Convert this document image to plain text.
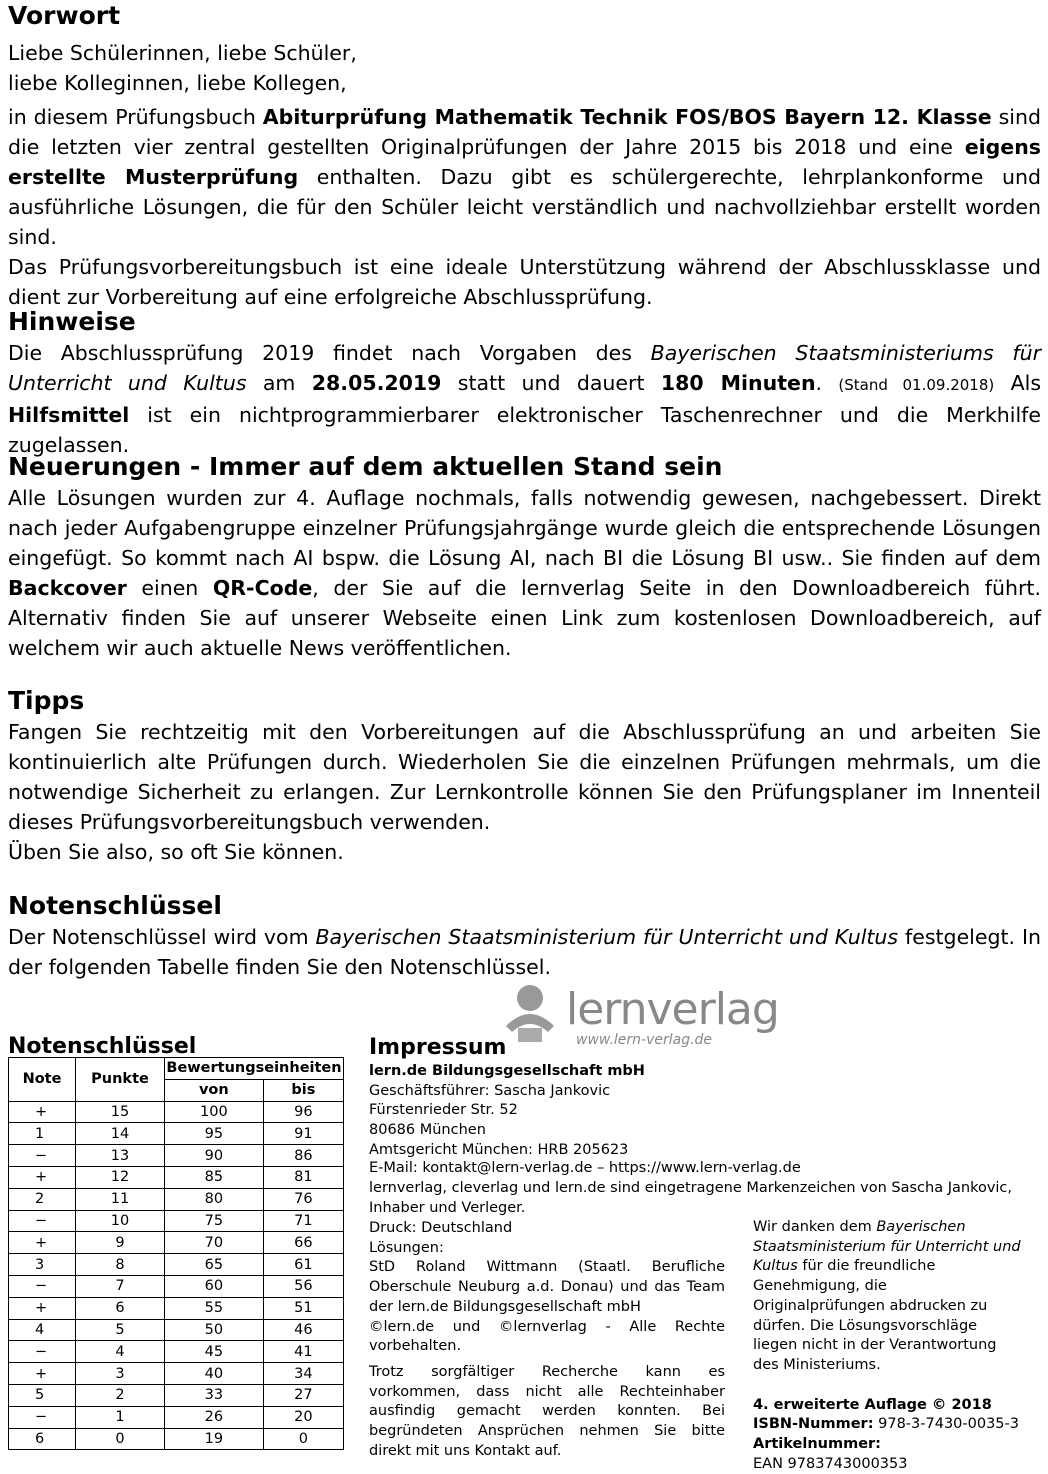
Vorwort

Liebe Schülerinnen, liebe Schüler,

liebe Kolleginnen, liebe Kollegen,

in diesem Prüfungsbuch Abiturprüfung Mathematik Technik FOS/BOS Bayern 12. Klasse sind die letzten vier zentral gestellten Originalprüfungen der Jahre 2015 bis 2018 und eine eigens erstellte Musterprüfung enthalten. Dazu gibt es schülergerechte, lehrplankonforme und ausführliche Lösungen, die für den Schüler leicht verständlich und nachvollziehbar erstellt worden sind.

Das Prüfungsvorbereitungsbuch ist eine ideale Unterstützung während der Abschlussklasse und dient zur Vorbereitung auf eine erfolgreiche Abschlussprüfung.

Hinweise

Die Abschlussprüfung 2019 findet nach Vorgaben des Bayerischen Staatsministeriums für Unterricht und Kultus am 28.05.2019 statt und dauert 180 Minuten. (Stand 01.09.2018) Als Hilfsmittel ist ein nichtprogrammierbarer elektronischer Taschenrechner und die Merkhilfe zugelassen.

Neuerungen - Immer auf dem aktuellen Stand sein

Alle Lösungen wurden zur 4. Auflage nochmals, falls notwendig gewesen, nachgebessert. Direkt nach jeder Aufgabengruppe einzelner Prüfungsjahrgänge wurde gleich die entsprechende Lösungen eingefügt. So kommt nach AI bspw. die Lösung AI, nach BI die Lösung BI usw.. Sie finden auf dem Backcover einen QR-Code, der Sie auf die lernverlag Seite in den Downloadbereich führt. Alternativ finden Sie auf unserer Webseite einen Link zum kostenlosen Downloadbereich, auf welchem wir auch aktuelle News veröffentlichen.

Tipps

Fangen Sie rechtzeitig mit den Vorbereitungen auf die Abschlussprüfung an und arbeiten Sie kontinuierlich alte Prüfungen durch. Wiederholen Sie die einzelnen Prüfungen mehrmals, um die notwendige Sicherheit zu erlangen. Zur Lernkontrolle können Sie den Prüfungsplaner im Innenteil dieses Prüfungsvorbereitungsbuch verwenden.

Üben Sie also, so oft Sie können.

Notenschlüssel

Der Notenschlüssel wird vom Bayerischen Staatsministerium für Unterricht und Kultus festgelegt. In der folgenden Tabelle finden Sie den Notenschlüssel.

lernverlag
www.lern-verlag.de
Notenschlüssel
Note	Punkte	Bewertungseinheiten	
		von	bis
+	15	100	96
1	14	95	91
−	13	90	86
+	12	85	81
2	11	80	76
−	10	75	71
+	9	70	66
3	8	65	61
−	7	60	56
+	6	55	51
4	5	50	46
−	4	45	41
+	3	40	34
5	2	33	27
−	1	26	20
6	0	19	0
Impressum
lern.de Bildungsgesellschaft mbH
Geschäftsführer: Sascha Jankovic
Fürstenrieder Str. 52
80686 München
Amtsgericht München: HRB 205623
E-Mail: kontakt@lern-verlag.de – https://www.lern-verlag.de
lernverlag, cleverlag und lern.de sind eingetragene Markenzeichen von Sascha Jankovic, Inhaber und Verleger.
Druck: Deutschland
Lösungen:
StD Roland Wittmann (Staatl. Berufliche Oberschule Neuburg a.d. Donau) und das Team der lern.de Bildungsgesellschaft mbH
©lern.de und ©lernverlag - Alle Rechte vorbehalten.
Trotz sorgfältiger Recherche kann es vorkommen, dass nicht alle Rechteinhaber ausfindig gemacht werden konnten. Bei begründeten Ansprüchen nehmen Sie bitte direkt mit uns Kontakt auf.
Wir danken dem Bayerischen Staatsministerium für Unterricht und Kultus für die freundliche Genehmigung, die Originalprüfungen abdrucken zu dürfen. Die Lösungsvorschläge liegen nicht in der Verantwortung des Ministeriums.
4. erweiterte Auflage © 2018
ISBN-Nummer: 978-3-7430-0035-3
Artikelnummer:
EAN 9783743000353
